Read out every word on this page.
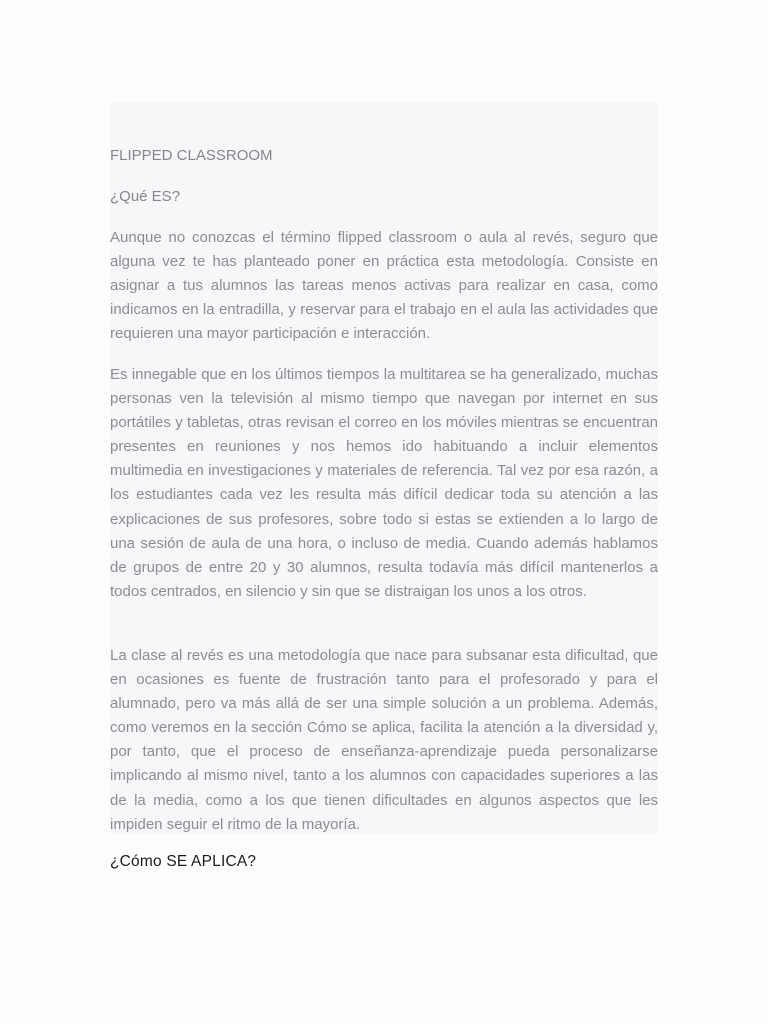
FLIPPED CLASSROOM
¿Qué ES?

Aunque no conozcas el término flipped classroom o aula al revés, seguro que alguna vez te has planteado poner en práctica esta metodología. Consiste en asignar a tus alumnos las tareas menos activas para realizar en casa, como indicamos en la entradilla, y reservar para el trabajo en el aula las actividades que requieren una mayor participación e interacción.

Es innegable que en los últimos tiempos la multitarea se ha generalizado, muchas personas ven la televisión al mismo tiempo que navegan por internet en sus portátiles y tabletas, otras revisan el correo en los móviles mientras se encuentran presentes en reuniones y nos hemos ido habituando a incluir elementos multimedia en investigaciones y materiales de referencia. Tal vez por esa razón, a los estudiantes cada vez les resulta más difícil dedicar toda su atención a las explicaciones de sus profesores, sobre todo si estas se extienden a lo largo de una sesión de aula de una hora, o incluso de media. Cuando además hablamos de grupos de entre 20 y 30 alumnos, resulta todavía más difícil mantenerlos a todos centrados, en silencio y sin que se distraigan los unos a los otros.

La clase al revés es una metodología que nace para subsanar esta dificultad, que en ocasiones es fuente de frustración tanto para el profesorado y para el alumnado, pero va más allá de ser una simple solución a un problema. Además, como veremos en la sección Cómo se aplica, facilita la atención a la diversidad y, por tanto, que el proceso de enseñanza-aprendizaje pueda personalizarse implicando al mismo nivel, tanto a los alumnos con capacidades superiores a las de la media, como a los que tienen dificultades en algunos aspectos que les impiden seguir el ritmo de la mayoría.

¿Cómo SE APLICA?
